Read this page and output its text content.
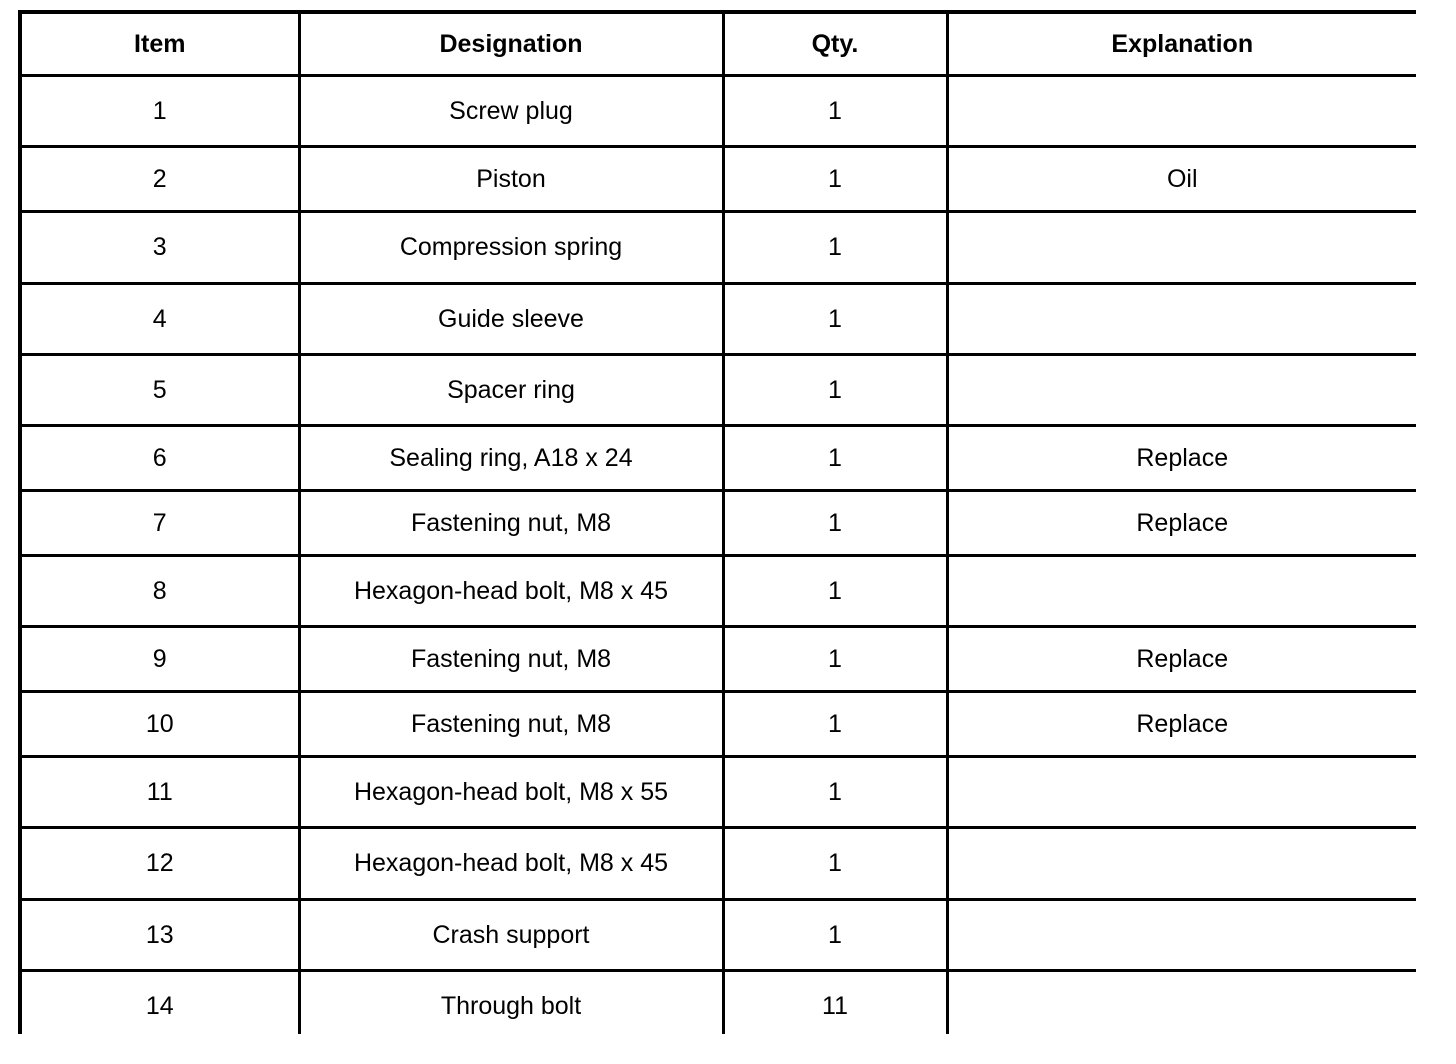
Item	Designation	Qty.	Explanation
1	Screw plug	1	
2	Piston	1	Oil
3	Compression spring	1	
4	Guide sleeve	1	
5	Spacer ring	1	
6	Sealing ring, A18 x 24	1	Replace
7	Fastening nut, M8	1	Replace
8	Hexagon-head bolt, M8 x 45	1	
9	Fastening nut, M8	1	Replace
10	Fastening nut, M8	1	Replace
11	Hexagon-head bolt, M8 x 55	1	
12	Hexagon-head bolt, M8 x 45	1	
13	Crash support	1	
14	Through bolt	11	
